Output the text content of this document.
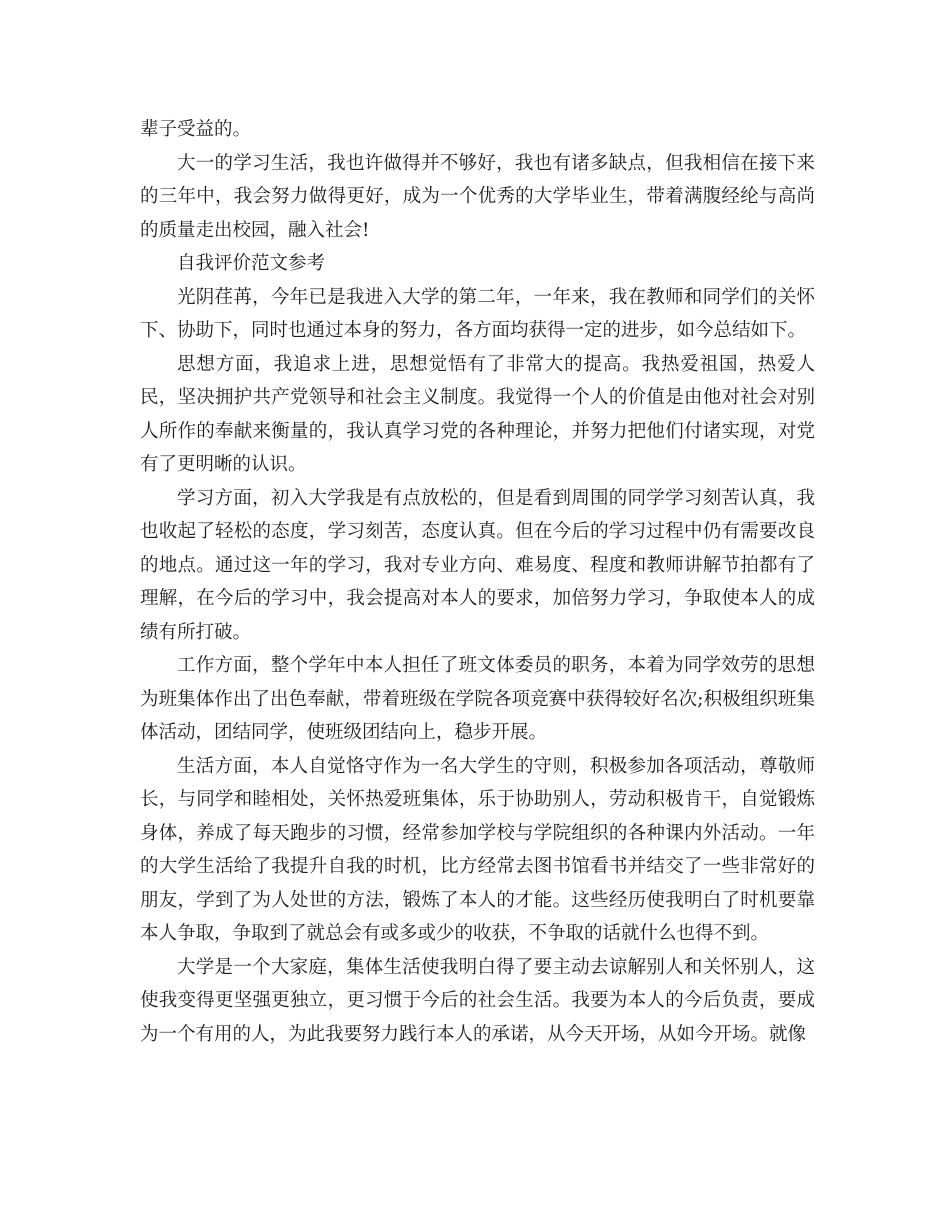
辈子受益的。

大一的学习生活，我也许做得并不够好，我也有诸多缺点，但我相信在接下来的三年中，我会努力做得更好，成为一个优秀的大学毕业生，带着满腹经纶与高尚的质量走出校园，融入社会!

自我评价范文参考

光阴荏苒，今年已是我进入大学的第二年，一年来，我在教师和同学们的关怀下、协助下，同时也通过本身的努力，各方面均获得一定的进步，如今总结如下。

思想方面，我追求上进，思想觉悟有了非常大的提高。我热爱祖国，热爱人民，坚决拥护共产党领导和社会主义制度。我觉得一个人的价值是由他对社会对别人所作的奉献来衡量的，我认真学习党的各种理论，并努力把他们付诸实现，对党有了更明晰的认识。

学习方面，初入大学我是有点放松的，但是看到周围的同学学习刻苦认真，我也收起了轻松的态度，学习刻苦，态度认真。但在今后的学习过程中仍有需要改良的地点。通过这一年的学习，我对专业方向、难易度、程度和教师讲解节拍都有了理解，在今后的学习中，我会提高对本人的要求，加倍努力学习，争取使本人的成绩有所打破。

工作方面，整个学年中本人担任了班文体委员的职务，本着为同学效劳的思想为班集体作出了出色奉献，带着班级在学院各项竞赛中获得较好名次;积极组织班集体活动，团结同学，使班级团结向上，稳步开展。

生活方面，本人自觉恪守作为一名大学生的守则，积极参加各项活动，尊敬师长，与同学和睦相处，关怀热爱班集体，乐于协助别人，劳动积极肯干，自觉锻炼身体，养成了每天跑步的习惯，经常参加学校与学院组织的各种课内外活动。一年的大学生活给了我提升自我的时机，比方经常去图书馆看书并结交了一些非常好的朋友，学到了为人处世的方法，锻炼了本人的才能。这些经历使我明白了时机要靠本人争取，争取到了就总会有或多或少的收获，不争取的话就什么也得不到。

大学是一个大家庭，集体生活使我明白得了要主动去谅解别人和关怀别人，这使我变得更坚强更独立，更习惯于今后的社会生活。我要为本人的今后负责，要成为一个有用的人，为此我要努力践行本人的承诺，从今天开场，从如今开场。就像
